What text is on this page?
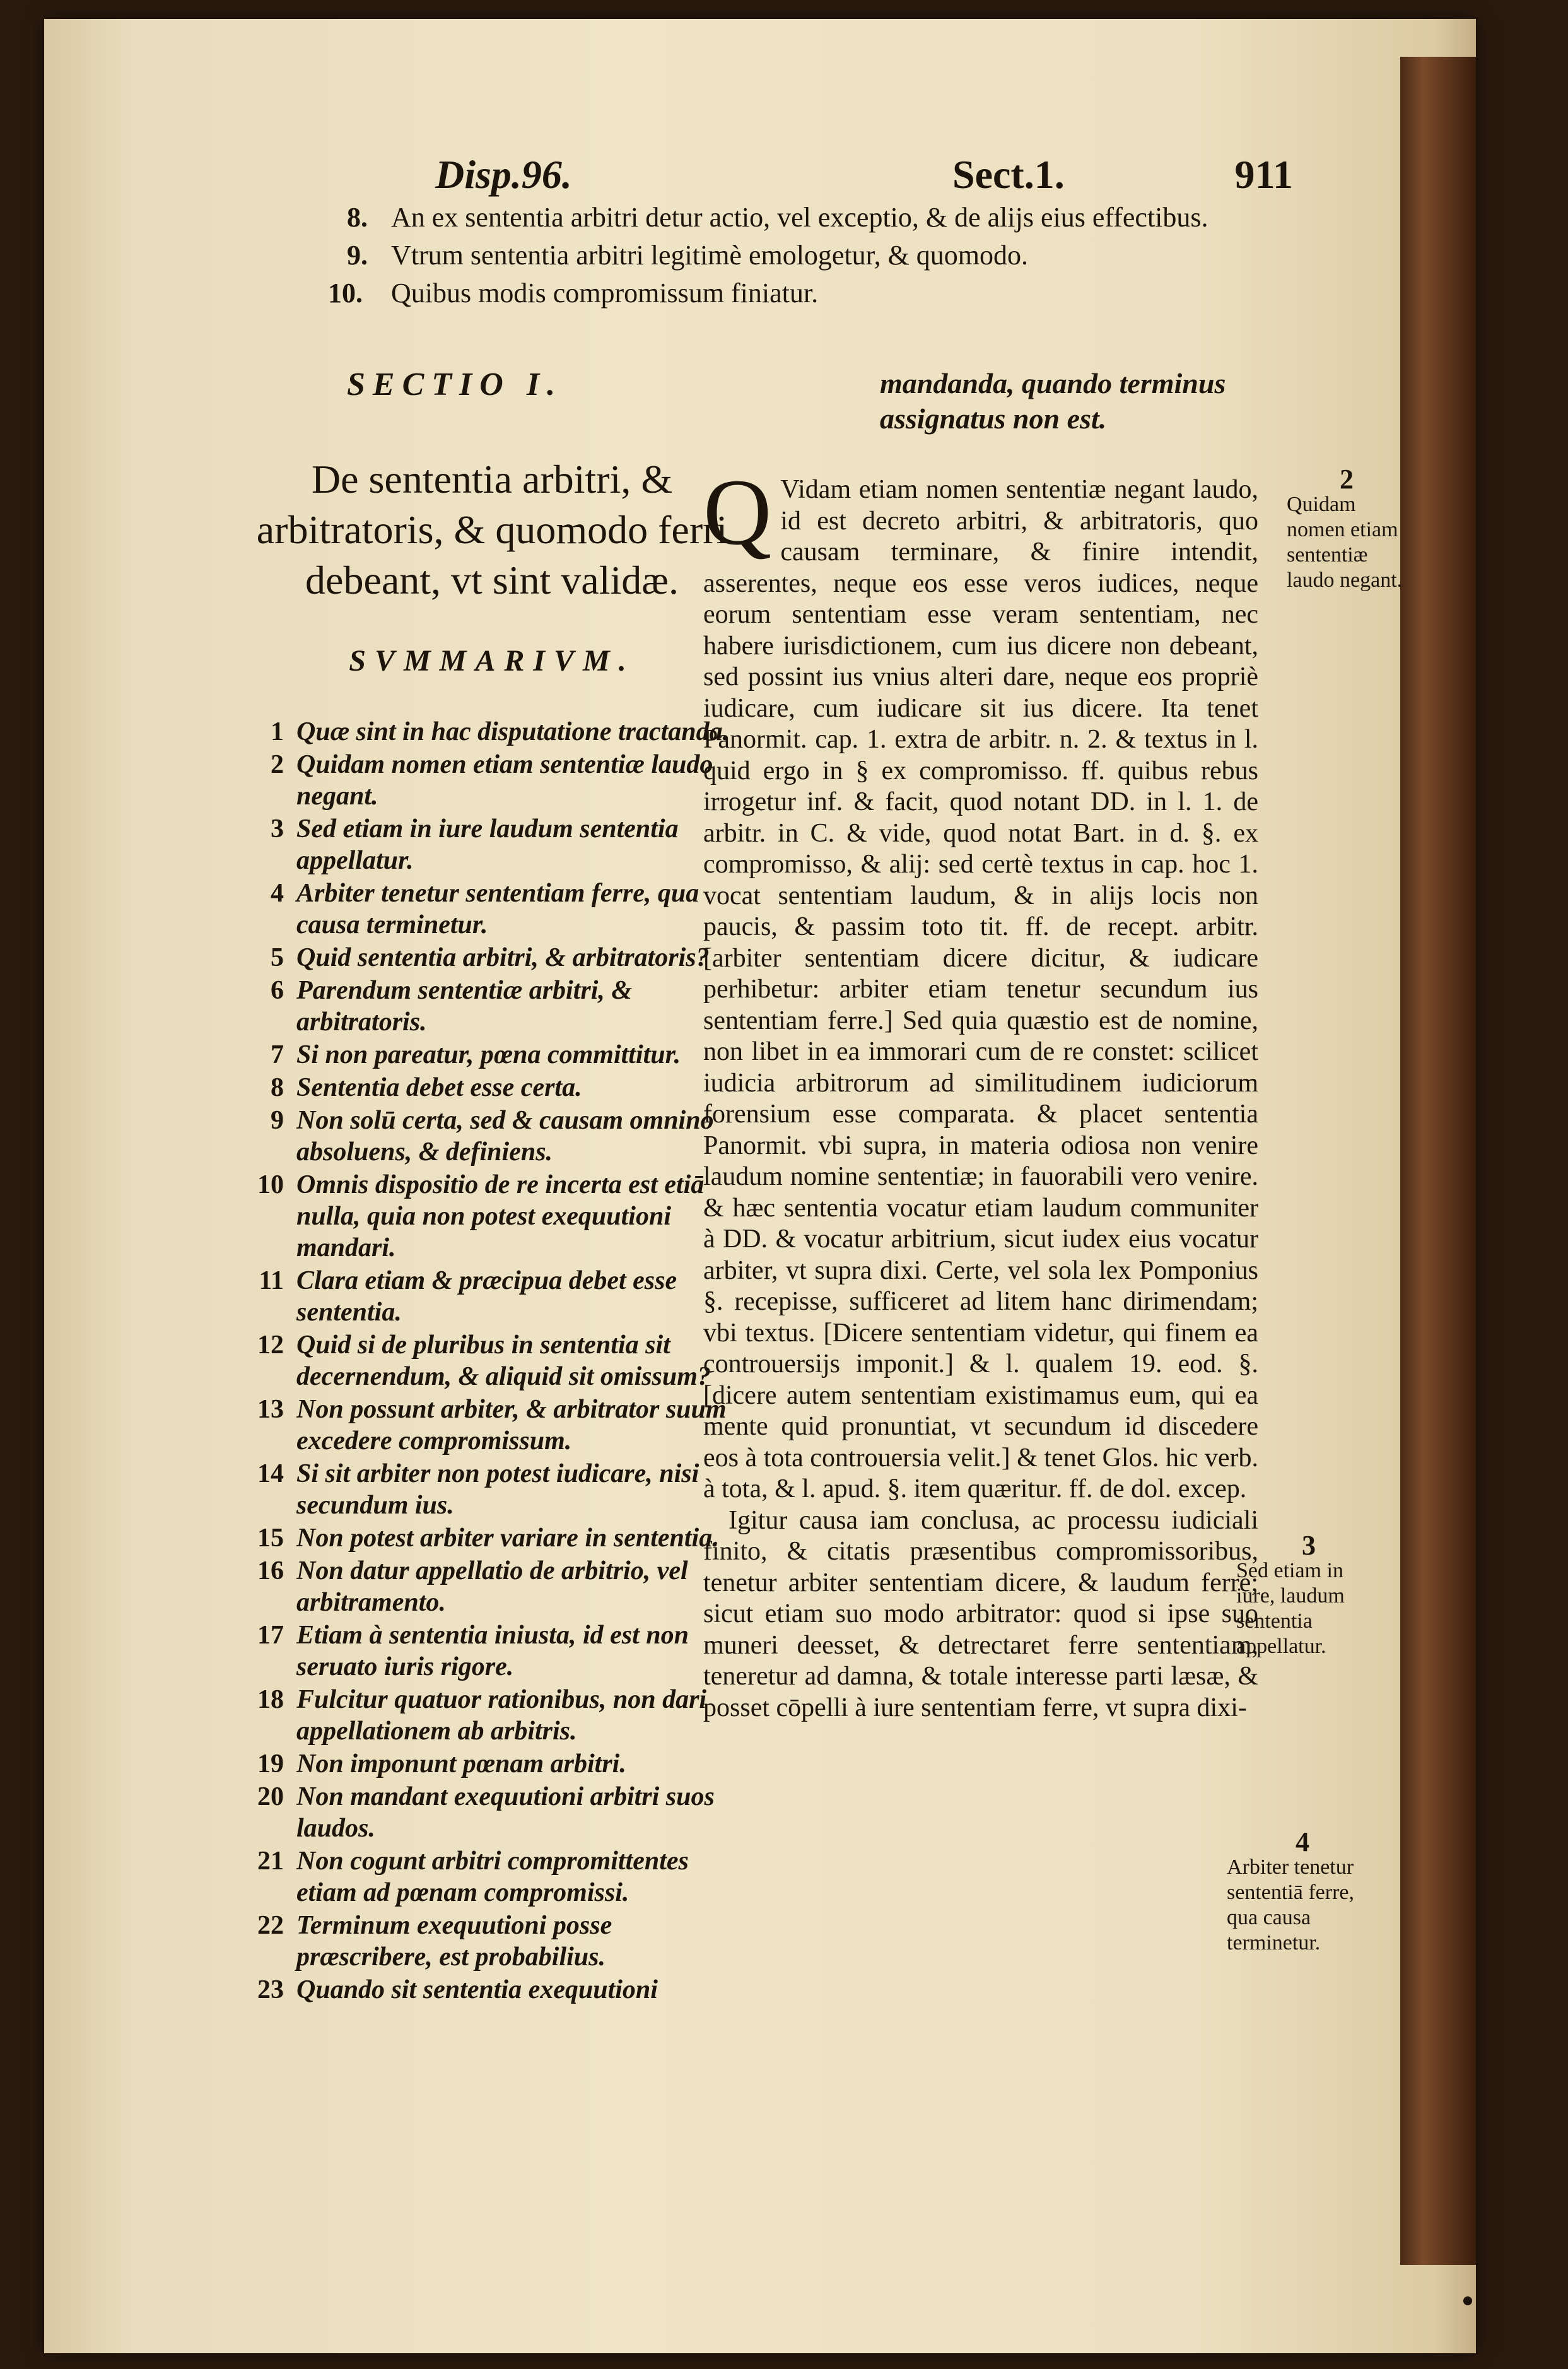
Disp.96.	Sect.1.	911
8. An ex sententia arbitri detur actio, vel exceptio, & de alijs eius effectibus.
9. Vtrum sententia arbitri legitimè emologetur, & quomodo.
10. Quibus modis compromissum finiatur.
SECTIO I.
De sententia arbitri, & arbitratoris, & quomodo ferri debeant, vt sint validæ.
SVMMARIVM.
1 Quæ sint in hac disputatione tractanda.
2 Quidam nomen etiam sententiæ laudo negant.
3 Sed etiam in iure laudum sententia appellatur.
4 Arbiter tenetur sententiam ferre, qua causa terminetur.
5 Quid sententia arbitri, & arbitratoris?
6 Parendum sententiæ arbitri, & arbitratoris.
7 Si non pareatur, pœna committitur.
8 Sententia debet esse certa.
9 Non solū certa, sed & causam omnino absoluens, & definiens.
10 Omnis dispositio de re incerta est etiā nulla, quia non potest exequutioni mandari.
11 Clara etiam & præcipua debet esse sententia.
12 Quid si de pluribus in sententia sit decernendum, & aliquid sit omissum?
13 Non possunt arbiter, & arbitrator suum excedere compromissum.
14 Si sit arbiter non potest iudicare, nisi secundum ius.
15 Non potest arbiter variare in sententia.
16 Non datur appellatio de arbitrio, vel arbitramento.
17 Etiam à sententia iniusta, id est non seruato iuris rigore.
18 Fulcitur quatuor rationibus, non dari appellationem ab arbitris.
19 Non imponunt pœnam arbitri.
20 Non mandant exequutioni arbitri suos laudos.
21 Non cogunt arbitri compromittentes etiam ad pœnam compromissi.
22 Terminum exequutioni posse præscribere, est probabilius.
23 Quando sit sententia exequutioni
mandanda, quando terminus assignatus non est.

Q Vidam etiam nomen sententiæ negant laudo, id est decreto arbitri, & arbitratoris, quo causam terminare, & finire intendit, asserentes, neque eos esse veros iudices, neque eorum sententiam esse veram sententiam, nec habere iurisdictionem, cum ius dicere non debeant, sed possint ius vnius alteri dare, neque eos propriè iudicare, cum iudicare sit ius dicere. Ita tenet Panormit. cap. 1. extra de arbitr. n. 2. & textus in l. quid ergo in § ex compromisso. ff. quibus rebus irrogetur inf. & facit, quod notant DD. in l. 1. de arbitr. in C. & vide, quod notat Bart. in d. §. ex compromisso, & alij: sed certè textus in cap. hoc 1. vocat sententiam laudum, & in alijs locis non paucis, & passim toto tit. ff. de recept. arbitr. [arbiter sententiam dicere dicitur, & iudicare perhibetur: arbiter etiam tenetur secundum ius sententiam ferre.] Sed quia quæstio est de nomine, non libet in ea immorari cum de re constet: scilicet iudicia arbitrorum ad similitudinem iudiciorum forensium esse comparata. & placet sententia Panormit. vbi supra, in materia odiosa non venire laudum nomine sententiæ; in fauorabili vero venire. & hæc sententia vocatur etiam laudum communiter à DD. & vocatur arbitrium, sicut iudex eius vocatur arbiter, vt supra dixi. Certe, vel sola lex Pomponius §. recepisse, sufficeret ad litem hanc dirimendam; vbi textus. [Dicere sententiam videtur, qui finem ea controuersijs imponit.] & l. qualem 19. eod. §. [dicere autem sententiam existimamus eum, qui ea mente quid pronuntiat, vt secundum id discedere eos à tota controuersia velit.] & tenet Glos. hic verb. à tota, & l. apud. §. item quæritur. ff. de dol. excep.

Igitur causa iam conclusa, ac processu iudiciali finito, & citatis præsentibus compromissoribus, tenetur arbiter sententiam dicere, & laudum ferre; sicut etiam suo modo arbitrator: quod si ipse suo muneri deesset, & detrectaret ferre sententiam, teneretur ad damna, & totale interesse parti læsæ, & posset cōpelli à iure sententiam ferre, vt supra dixi-

2
Quidam nomen etiam sententiæ laudo negant.
3
Sed etiam in iure, laudum sententia appellatur.
4
Arbiter tenetur sententiā ferre, qua causa terminetur.
